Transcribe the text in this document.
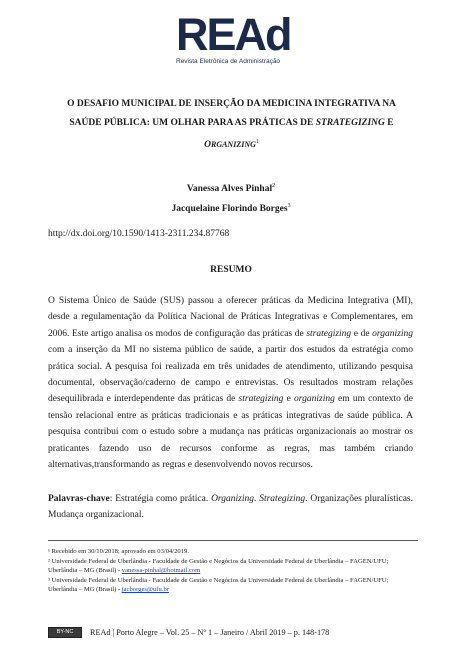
REAd
Revista Eletrônica de Administração
O DESAFIO MUNICIPAL DE INSERÇÃO DA MEDICINA INTEGRATIVA NA
SAÚDE PÚBLICA: UM OLHAR PARA AS PRÁTICAS DE STRATEGIZING E
ORGANIZING$^1$
Vanessa Alves Pinhal$^2$
Jacquelaine Florindo Borges$^3$
http://dx.doi.org/10.1590/1413-2311.234.87768
RESUMO
O Sistema Único de Saúde (SUS) passou a oferecer práticas da Medicina Integrativa (MI), desde a regulamentação da Política Nacional de Práticas Integrativas e Complementares, em 2006. Este artigo analisa os modos de configuração das práticas de strategizing e de organizing com a inserção da MI no sistema público de saúde, a partir dos estudos da estratégia como prática social. A pesquisa foi realizada em três unidades de atendimento, utilizando pesquisa documental, observação/caderno de campo e entrevistas. Os resultados mostram relações desequilibrada e interdependente das práticas de strategizing e organizing em um contexto de tensão relacional entre as práticas tradicionais e as práticas integrativas de saúde pública. A pesquisa contribui com o estudo sobre a mudança nas práticas organizacionais ao mostrar os praticantes fazendo uso de recursos conforme as regras, mas também criando alternativas,transformando as regras e desenvolvendo novos recursos.
Palavras-chave: Estratégia como prática. Organizing. Strategizing. Organizações pluralísticas. Mudança organizacional.
¹ Recebido em 30/10/2018; aprovado em 03/04/2019.
² Universidade Federal de Uberlândia - Faculdade de Gestão e Negócios da Universidade Federal de Uberlândia – FAGEN/UFU; Uberlândia – MG (Brasil) - vanessa-pinhal@hotmail.com
³ Universidade Federal de Uberlândia - Faculdade de Gestão e Negócios da Universidade Federal de Uberlândia – FAGEN/UFU; Uberlândia – MG (Brasil) - jacborges@ufu.br
BY-NC REAd | Porto Alegre – Vol. 25 – Nº 1 – Janeiro / Abril 2019 – p. 148-178
